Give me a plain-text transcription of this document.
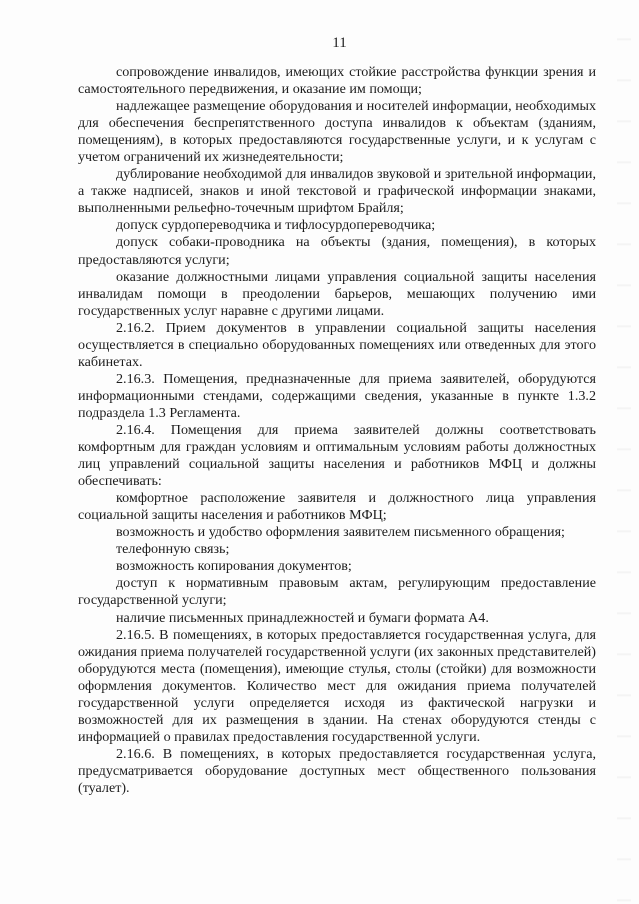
11

сопровождение инвалидов, имеющих стойкие расстройства функции зрения и самостоятельного передвижения, и оказание им помощи;

надлежащее размещение оборудования и носителей информации, необходимых для обеспечения беспрепятственного доступа инвалидов к объектам (зданиям, помещениям), в которых предоставляются государственные услуги, и к услугам с учетом ограничений их жизнедеятельности;

дублирование необходимой для инвалидов звуковой и зрительной информации, а также надписей, знаков и иной текстовой и графической информации знаками, выполненными рельефно-точечным шрифтом Брайля;

допуск сурдопереводчика и тифлосурдопереводчика;

допуск собаки-проводника на объекты (здания, помещения), в которых предоставляются услуги;

оказание должностными лицами управления социальной защиты населения инвалидам помощи в преодолении барьеров, мешающих получению ими государственных услуг наравне с другими лицами.

2.16.2. Прием документов в управлении социальной защиты населения осуществляется в специально оборудованных помещениях или отведенных для этого кабинетах.

2.16.3. Помещения, предназначенные для приема заявителей, оборудуются информационными стендами, содержащими сведения, указанные в пункте 1.3.2 подраздела 1.3 Регламента.

2.16.4. Помещения для приема заявителей должны соответствовать комфортным для граждан условиям и оптимальным условиям работы должностных лиц управлений социальной защиты населения и работников МФЦ и должны обеспечивать:

комфортное расположение заявителя и должностного лица управления социальной защиты населения и работников МФЦ;

возможность и удобство оформления заявителем письменного обращения;

телефонную связь;

возможность копирования документов;

доступ к нормативным правовым актам, регулирующим предоставление государственной услуги;

наличие письменных принадлежностей и бумаги формата А4.

2.16.5. В помещениях, в которых предоставляется государственная услуга, для ожидания приема получателей государственной услуги (их законных представителей) оборудуются места (помещения), имеющие стулья, столы (стойки) для возможности оформления документов. Количество мест для ожидания приема получателей государственной услуги определяется исходя из фактической нагрузки и возможностей для их размещения в здании. На стенах оборудуются стенды с информацией о правилах предоставления государственной услуги.

2.16.6. В помещениях, в которых предоставляется государственная услуга, предусматривается оборудование доступных мест общественного пользования (туалет).
